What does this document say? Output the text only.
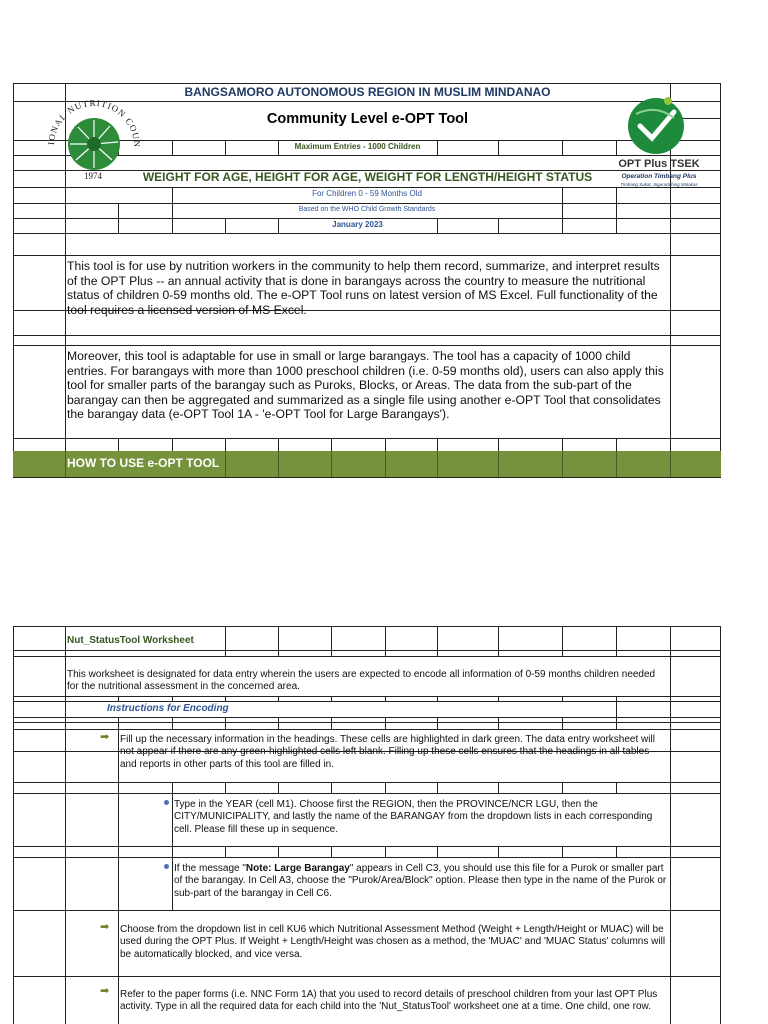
BANGSAMORO AUTONOMOUS REGION IN MUSLIM MINDANAO
Community Level e-OPT Tool
Maximum Entries - 1000 Children
WEIGHT FOR AGE, HEIGHT FOR AGE, WEIGHT FOR LENGTH/HEIGHT STATUS
For Children 0 - 59 Months Old
Based on the WHO Child Growth Standards
January 2023
IONAL NUTRITION COUN
1974
OPT Plus TSEK
Operation Timbang Plus
Timbang Sukat, Siguraduhing Malakas
This tool is for use by nutrition workers in the community to help them record, summarize, and interpret results of the OPT Plus -- an annual activity that is done in barangays across the country to measure the nutritional status of children 0-59 months old. The e-OPT Tool runs on latest version of MS Excel. Full functionality of the tool requires a licensed version of MS Excel.
Moreover, this tool is adaptable for use in small or large barangays. The tool has a capacity of 1000 child entries. For barangays with more than 1000 preschool children (i.e. 0-59 months old), users can also apply this tool for smaller parts of the barangay such as Puroks, Blocks, or Areas. The data from the sub-part of the barangay can then be aggregated and summarized as a single file using another e-OPT Tool that consolidates the barangay data (e-OPT Tool 1A - 'e-OPT Tool for Large Barangays').
HOW TO USE e-OPT TOOL
Nut_StatusTool Worksheet
This worksheet is designated for data entry wherein the users are expected to encode all information of 0-59 months children needed for the nutritional assessment in the concerned area.
Instructions for Encoding
➡ Fill up the necessary information in the headings. These cells are highlighted in dark green. The data entry worksheet will not appear if there are any green-highlighted cells left blank. Filling up these cells ensures that the headings in all tables and reports in other parts of this tool are filled in.
Type in the YEAR (cell M1). Choose first the REGION, then the PROVINCE/NCR LGU, then the CITY/MUNICIPALITY, and lastly the name of the BARANGAY from the dropdown lists in each corresponding cell. Please fill these up in sequence.
If the message "Note: Large Barangay" appears in Cell C3, you should use this file for a Purok or smaller part of the barangay. In Cell A3, choose the "Purok/Area/Block" option. Please then type in the name of the Purok or sub-part of the barangay in Cell C6.
➡ Choose from the dropdown list in cell KU6 which Nutritional Assessment Method (Weight + Length/Height or MUAC) will be used during the OPT Plus. If Weight + Length/Height was chosen as a method, the 'MUAC' and 'MUAC Status' columns will be automatically blocked, and vice versa.
➡ Refer to the paper forms (i.e. NNC Form 1A) that you used to record details of preschool children from your last OPT Plus activity. Type in all the required data for each child into the 'Nut_StatusTool' worksheet one at a time. One child, one row.
